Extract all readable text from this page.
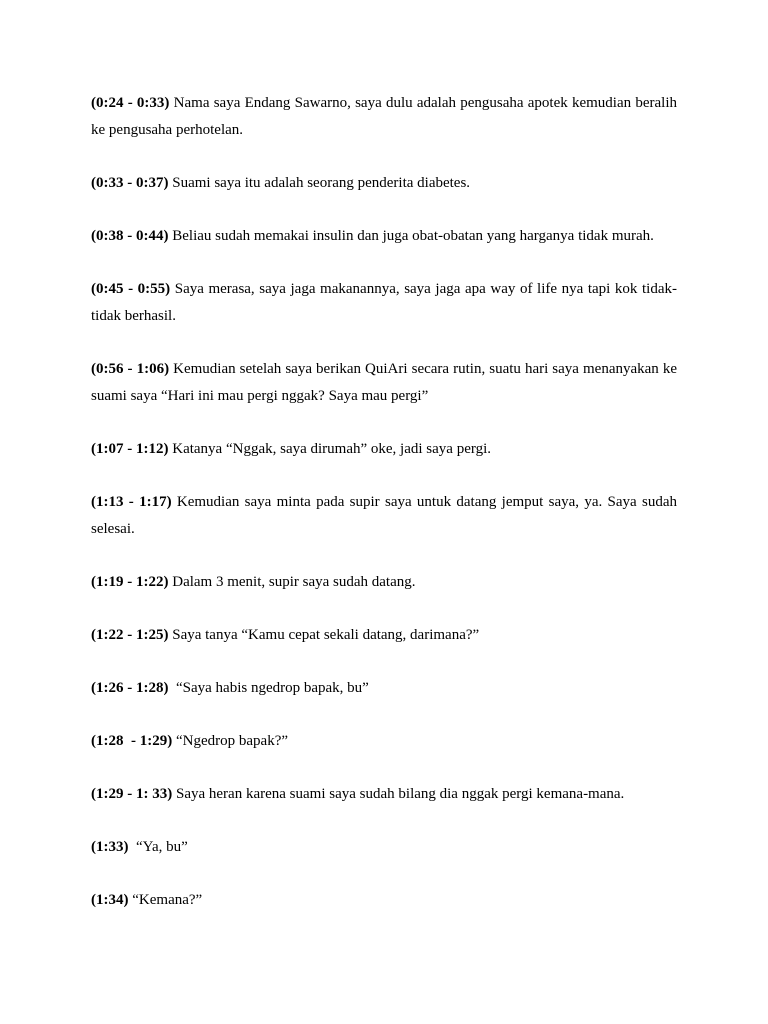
(0:24 - 0:33) Nama saya Endang Sawarno, saya dulu adalah pengusaha apotek kemudian beralih ke pengusaha perhotelan.

(0:33 - 0:37) Suami saya itu adalah seorang penderita diabetes.

(0:38 - 0:44) Beliau sudah memakai insulin dan juga obat-obatan yang harganya tidak murah.

(0:45 - 0:55) Saya merasa, saya jaga makanannya, saya jaga apa way of life nya tapi kok tidak-tidak berhasil.

(0:56 - 1:06) Kemudian setelah saya berikan QuiAri secara rutin, suatu hari saya menanyakan ke suami saya “Hari ini mau pergi nggak? Saya mau pergi”

(1:07 - 1:12) Katanya “Nggak, saya dirumah” oke, jadi saya pergi.

(1:13 - 1:17) Kemudian saya minta pada supir saya untuk datang jemput saya, ya. Saya sudah selesai.

(1:19 - 1:22) Dalam 3 menit, supir saya sudah datang.

(1:22 - 1:25) Saya tanya “Kamu cepat sekali datang, darimana?”

(1:26 - 1:28)  “Saya habis ngedrop bapak, bu”

(1:28  - 1:29) “Ngedrop bapak?”

(1:29 - 1: 33) Saya heran karena suami saya sudah bilang dia nggak pergi kemana-mana.

(1:33)  “Ya, bu”

(1:34) “Kemana?”
